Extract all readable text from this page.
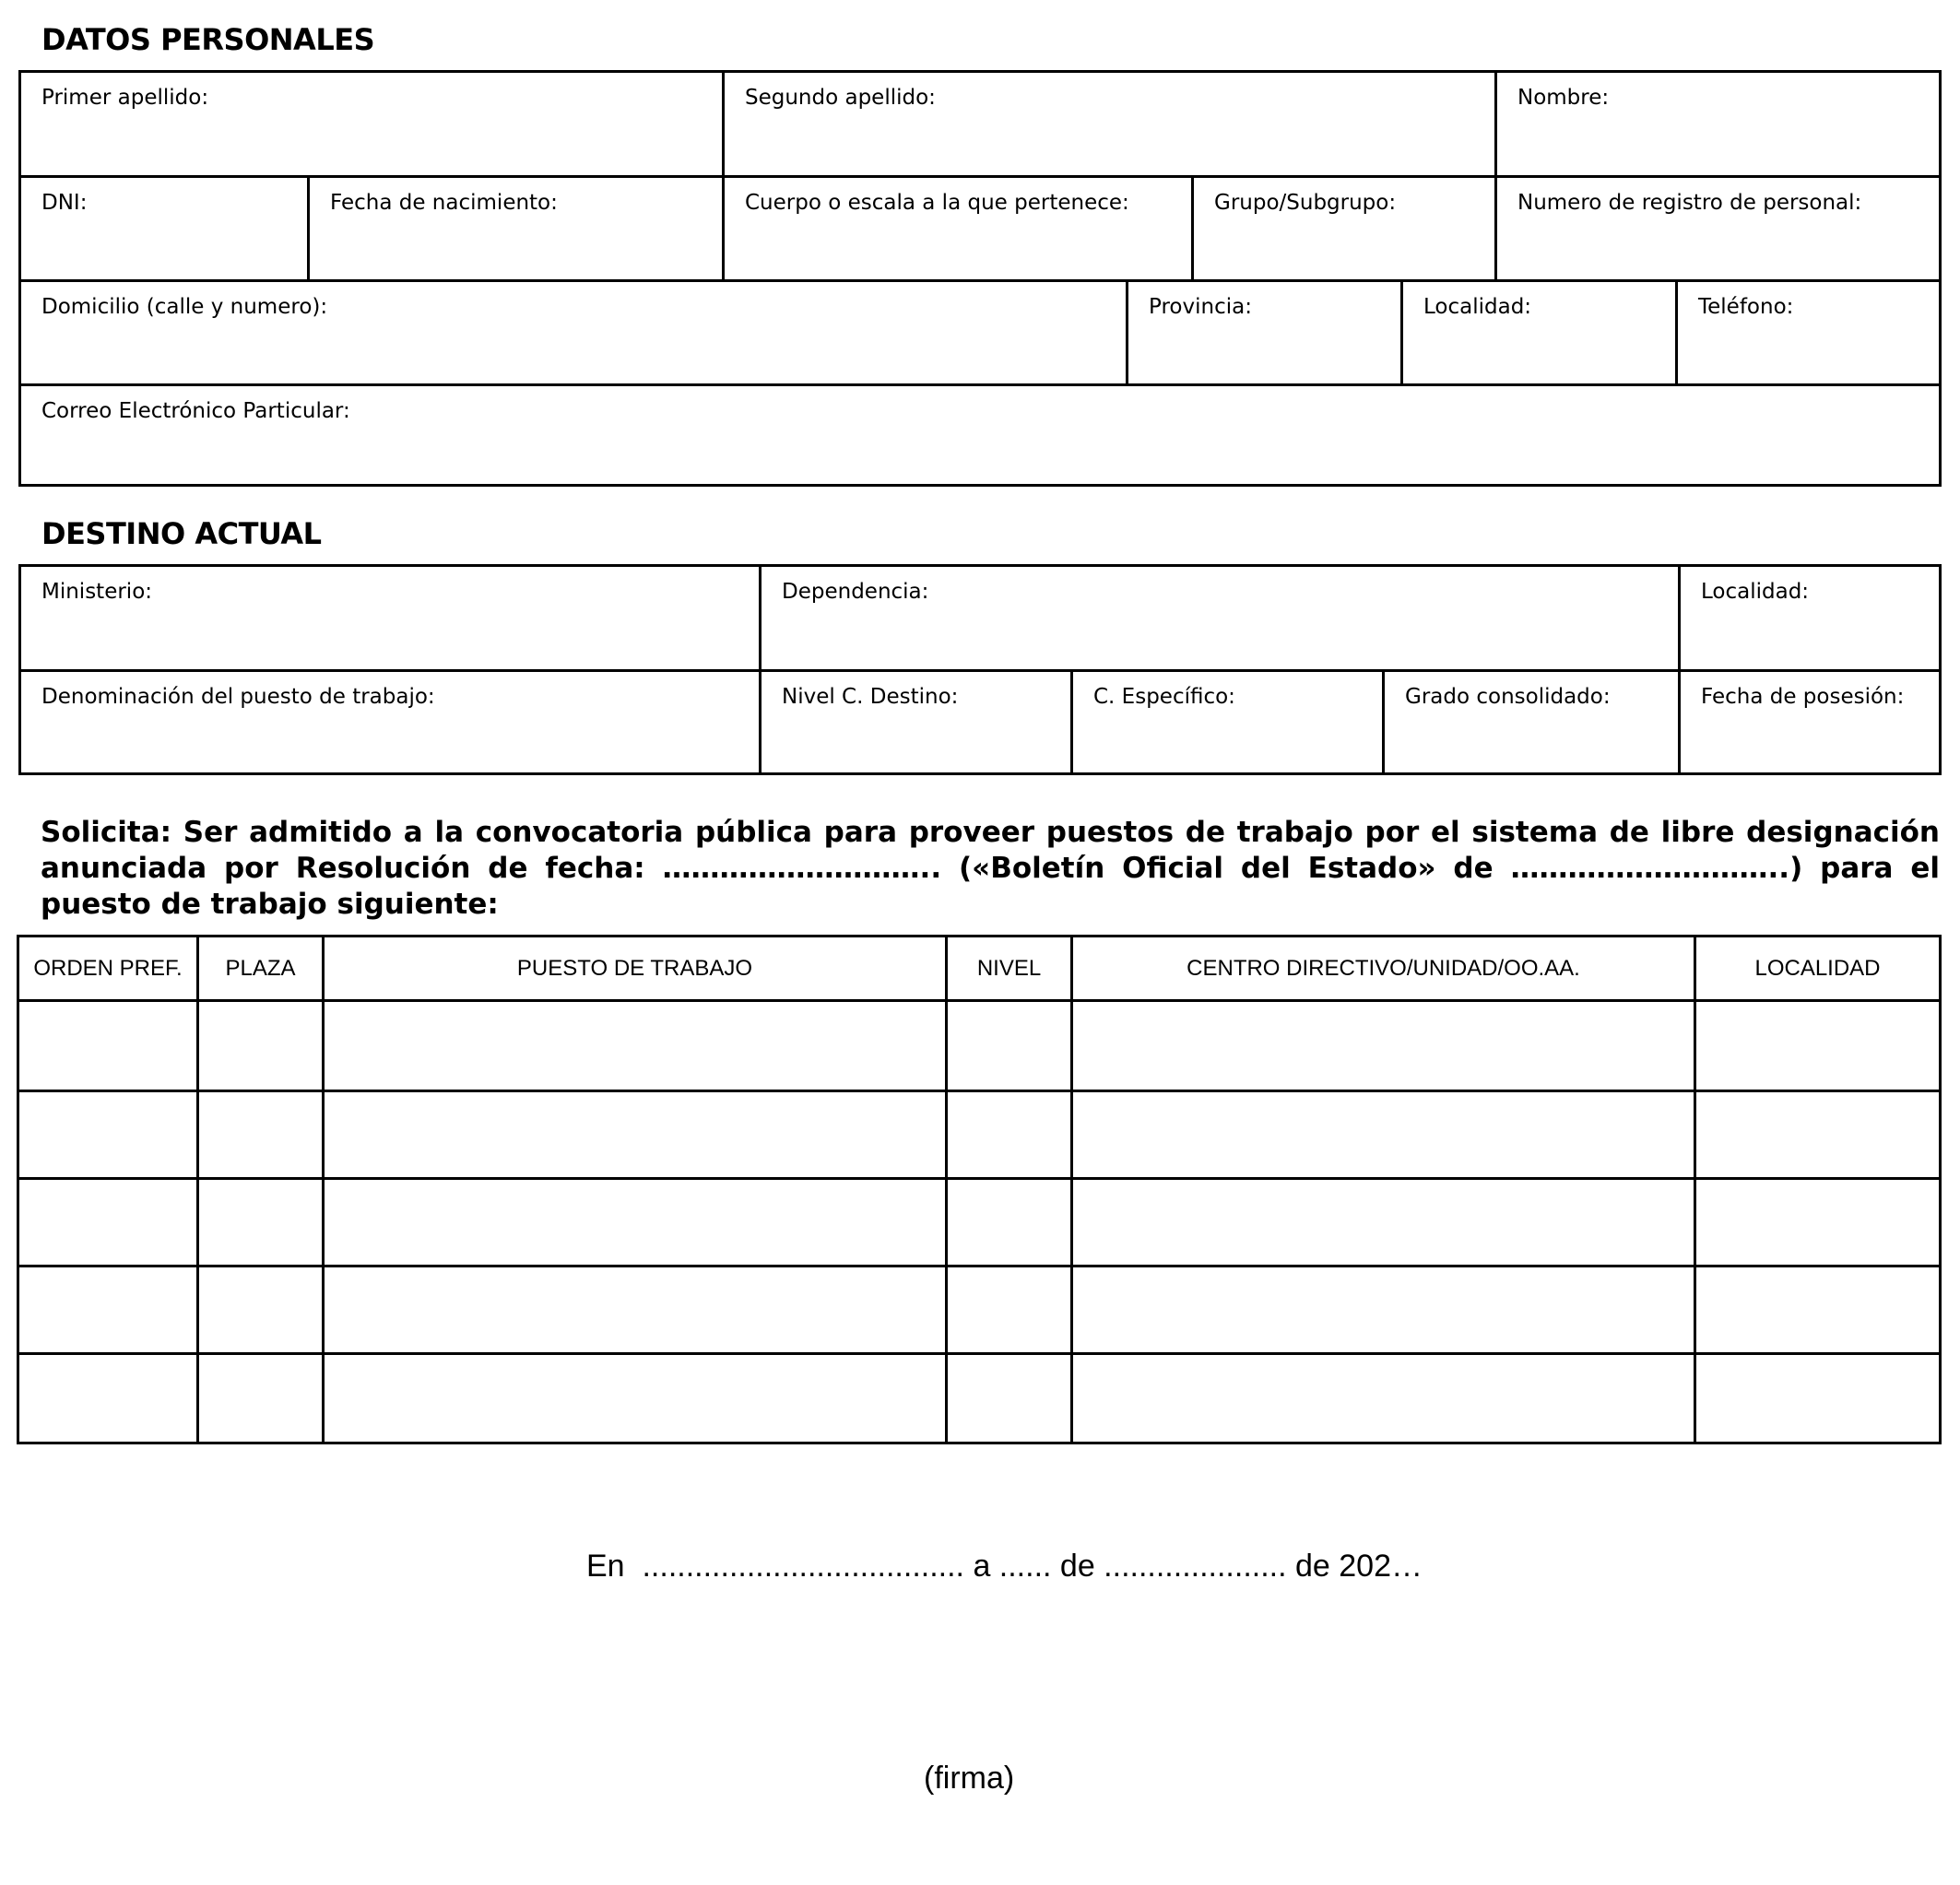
DATOS PERSONALES
Primer apellido:	Segundo apellido:	Nombre:
DNI:	Fecha de nacimiento:	Cuerpo o escala a la que pertenece:	Grupo/Subgrupo:	Numero de registro de personal:
Domicilio (calle y numero):	Provincia:	Localidad:	Teléfono:
Correo Electrónico Particular:
DESTINO ACTUAL
Ministerio:	Dependencia:	Localidad:
Denominación del puesto de trabajo:	Nivel C. Destino:	C. Específico:	Grado consolidado:	Fecha de posesión:
Solicita: Ser admitido a la convocatoria pública para proveer puestos de trabajo por el sistema de libre designación anunciada por Resolución de fecha: ……………………….. («Boletín Oficial del Estado» de ………………………..) para el puesto de trabajo siguiente:
ORDEN PREF.	PLAZA	PUESTO DE TRABAJO	NIVEL	CENTRO DIRECTIVO/UNIDAD/OO.AA.	LOCALIDAD
En  ..................................... a ...... de ..................... de 202…
(firma)
